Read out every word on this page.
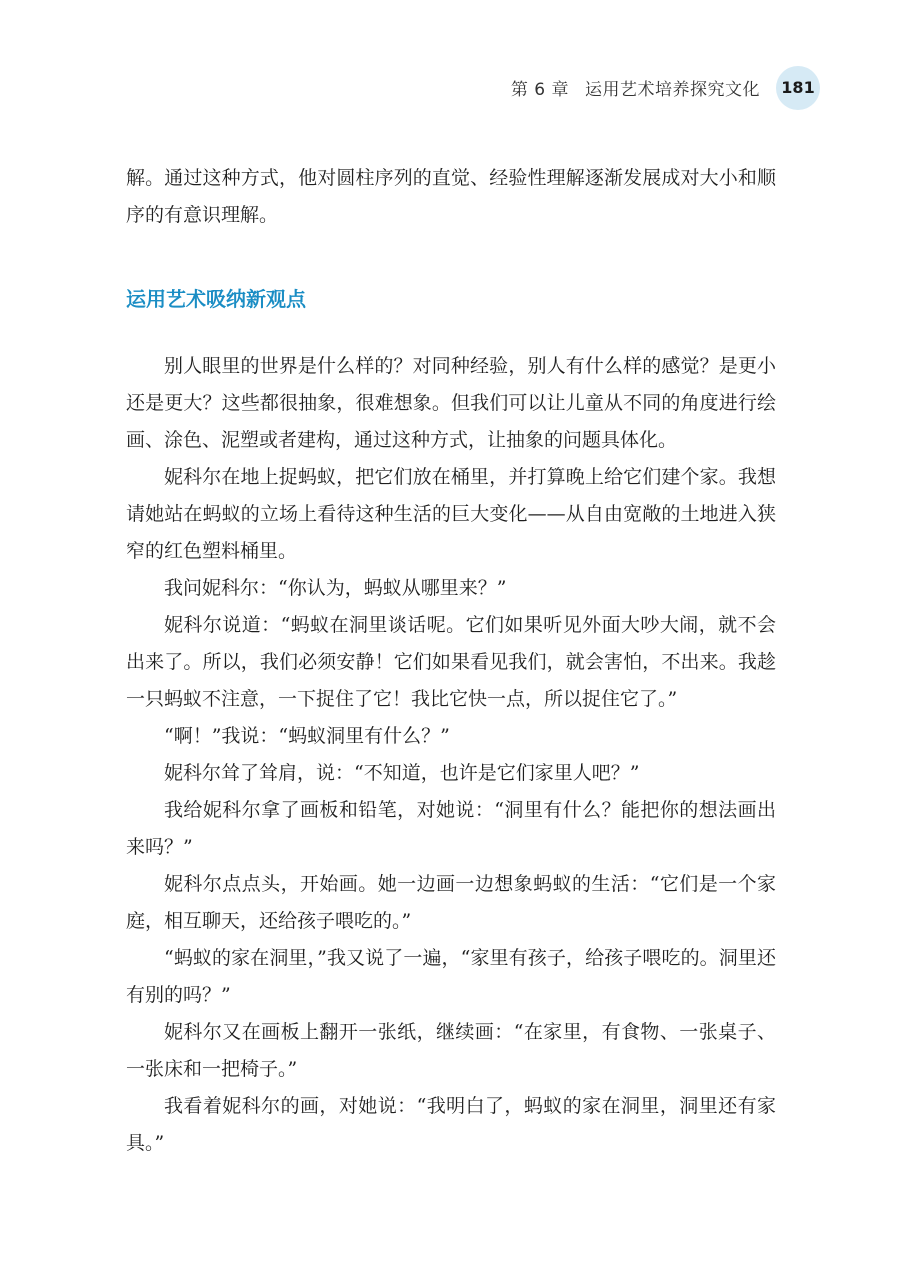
第 6 章 运用艺术培养探究文化	181

解。通过这种方式，他对圆柱序列的直觉、经验性理解逐渐发展成对大小和顺序的有意识理解。

运用艺术吸纳新观点

别人眼里的世界是什么样的？对同种经验，别人有什么样的感觉？是更小还是更大？这些都很抽象，很难想象。但我们可以让儿童从不同的角度进行绘画、涂色、泥塑或者建构，通过这种方式，让抽象的问题具体化。

妮科尔在地上捉蚂蚁，把它们放在桶里，并打算晚上给它们建个家。我想请她站在蚂蚁的立场上看待这种生活的巨大变化——从自由宽敞的土地进入狭窄的红色塑料桶里。

我问妮科尔：“你认为，蚂蚁从哪里来？”

妮科尔说道：“蚂蚁在洞里谈话呢。它们如果听见外面大吵大闹，就不会出来了。所以，我们必须安静！它们如果看见我们，就会害怕，不出来。我趁一只蚂蚁不注意，一下捉住了它！我比它快一点，所以捉住它了。”

“啊！”我说：“蚂蚁洞里有什么？”

妮科尔耸了耸肩，说：“不知道，也许是它们家里人吧？”

我给妮科尔拿了画板和铅笔，对她说：“洞里有什么？能把你的想法画出来吗？”

妮科尔点点头，开始画。她一边画一边想象蚂蚁的生活：“它们是一个家庭，相互聊天，还给孩子喂吃的。”

“蚂蚁的家在洞里，”我又说了一遍，“家里有孩子，给孩子喂吃的。洞里还有别的吗？”

妮科尔又在画板上翻开一张纸，继续画：“在家里，有食物、一张桌子、一张床和一把椅子。”

我看着妮科尔的画，对她说：“我明白了，蚂蚁的家在洞里，洞里还有家具。”
